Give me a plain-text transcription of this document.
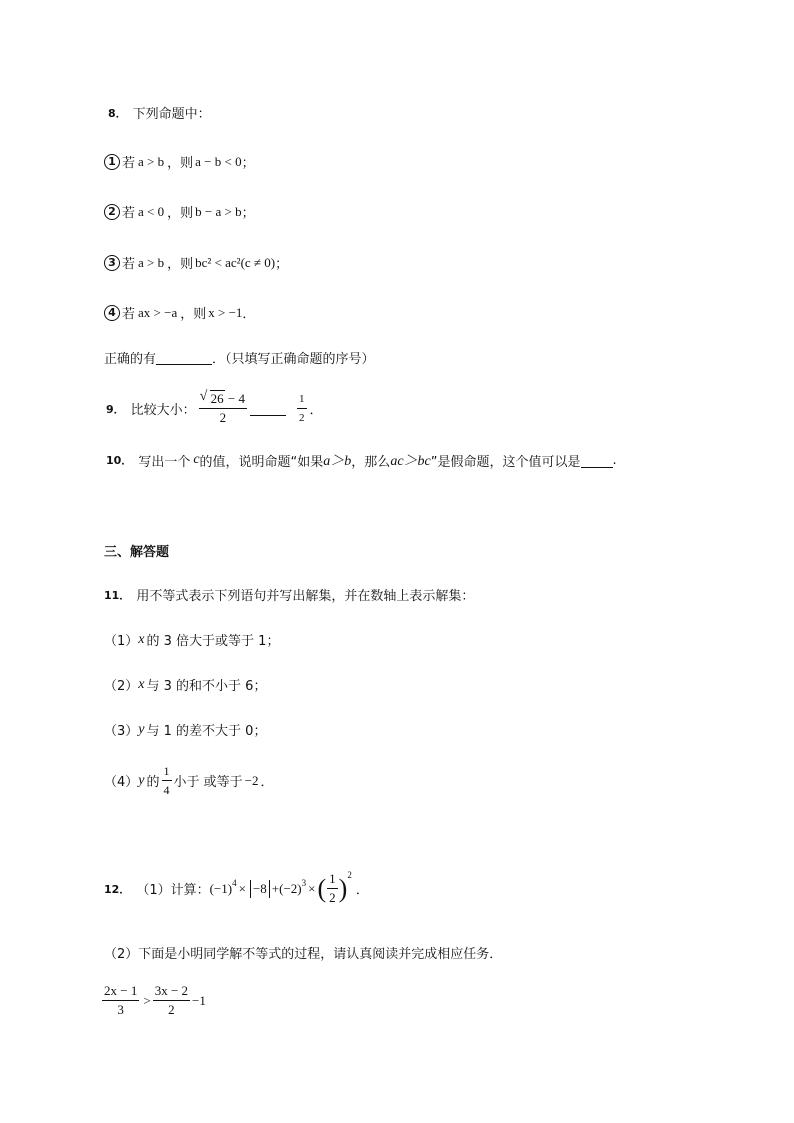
8． 下列命题中：
1 若 a > b ，则 a − b < 0 ；
2 若 a < 0 ，则 b − a > b ；
3 若 a > b ，则 bc² < ac²(c ≠ 0) ；
4 若 ax > −a ，则 x > −1 ．
正确的有	．（只填写正确命题的序号）
9． 比较大小：
√ $\frac{26 - 4}{2}$	$\frac{1}{2}$ ．
10． 写出一个 c 的值，说明命题“如果 a＞b ，那么 ac＞bc ”是假命题，这个值可以是 .
三、解答题
11． 用不等式表示下列语句并写出解集，并在数轴上表示解集：
（1） x 的 3 倍大于或等于 1；
（2） x 与 3 的和不小于 6；
（3） y 与 1 的差不大于 0；
（4） y 的 $\frac{1}{4}$ 小于 或等于 −2 ．
12． （1）计算： $(-1)^4 \times -8 + (-2)^3$ × ( $\frac{1}{2} )^2$
．
（2）下面是小明同学解不等式的过程，请认真阅读并完成相应任务．
$\frac{2x - 1}{3} > \frac{3x - 2}{2} -1$
